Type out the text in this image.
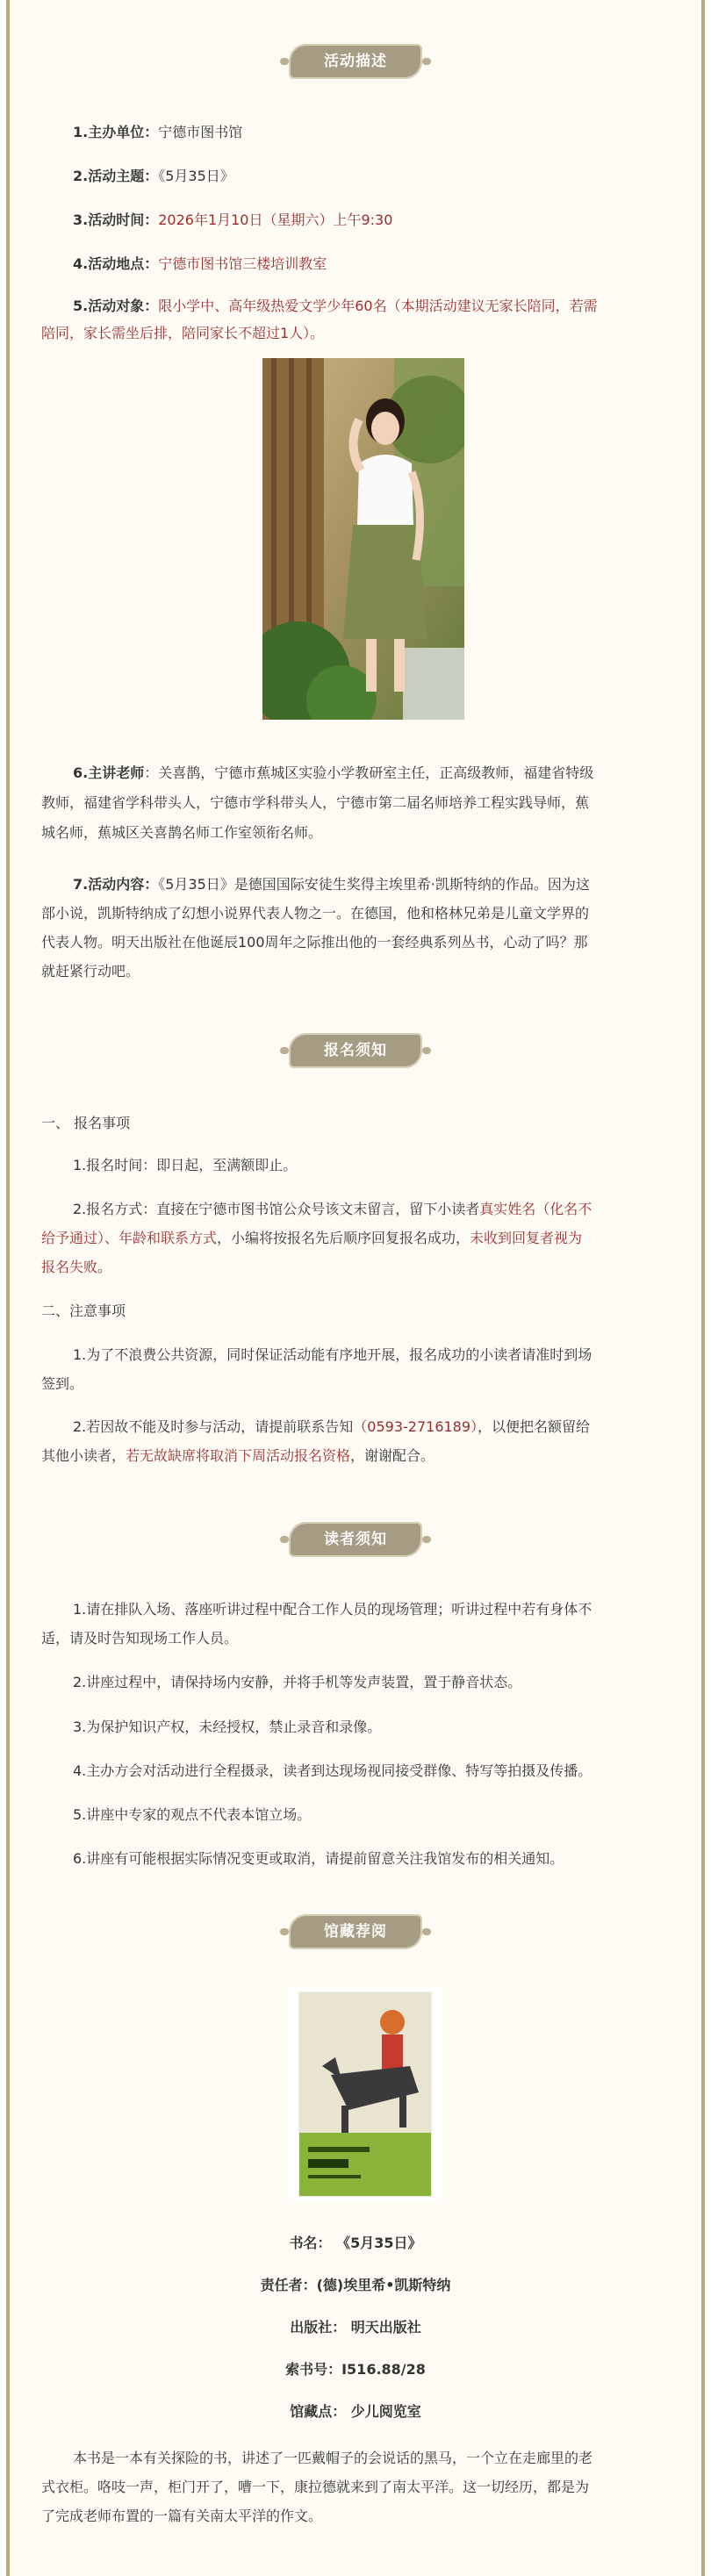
活动描述
1.主办单位：宁德市图书馆
2.活动主题：《5月35日》
3.活动时间：2026年1月10日（星期六）上午9:30
4.活动地点：宁德市图书馆三楼培训教室
5.活动对象：限小学中、高年级热爱文学少年60名（本期活动建议无家长陪同，若需
陪同，家长需坐后排，陪同家长不超过1人）。
6.主讲老师：关喜鹊，宁德市蕉城区实验小学教研室主任，正高级教师，福建省特级
教师，福建省学科带头人，宁德市学科带头人，宁德市第二届名师培养工程实践导师，蕉
城名师，蕉城区关喜鹊名师工作室领衔名师。
7.活动内容：《5月35日》是德国国际安徒生奖得主埃里希·凯斯特纳的作品。因为这
部小说，凯斯特纳成了幻想小说界代表人物之一。在德国，他和格林兄弟是儿童文学界的
代表人物。明天出版社在他诞辰100周年之际推出他的一套经典系列丛书，心动了吗？那
就赶紧行动吧。
报名须知
一、 报名事项
1.报名时间：即日起，至满额即止。
2.报名方式：直接在宁德市图书馆公众号该文末留言，留下小读者真实姓名（化名不
给予通过）、年龄和联系方式，小编将按报名先后顺序回复报名成功，未收到回复者视为
报名失败。
二、注意事项
1.为了不浪费公共资源，同时保证活动能有序地开展，报名成功的小读者请准时到场
签到。
2.若因故不能及时参与活动，请提前联系告知（0593-2716189），以便把名额留给
其他小读者，若无故缺席将取消下周活动报名资格，谢谢配合。
读者须知
1.请在排队入场、落座听讲过程中配合工作人员的现场管理；听讲过程中若有身体不
适，请及时告知现场工作人员。
2.讲座过程中，请保持场内安静，并将手机等发声装置，置于静音状态。
3.为保护知识产权，未经授权，禁止录音和录像。
4.主办方会对活动进行全程摄录，读者到达现场视同接受群像、特写等拍摄及传播。
5.讲座中专家的观点不代表本馆立场。
6.讲座有可能根据实际情况变更或取消，请提前留意关注我馆发布的相关通知。
馆藏荐阅
书名： 《5月35日》
责任者：(德)埃里希•凯斯特纳
出版社： 明天出版社
索书号：I516.88/28
馆藏点： 少儿阅览室
本书是一本有关探险的书，讲述了一匹戴帽子的会说话的黑马，一个立在走廊里的老
式衣柜。咯吱一声，柜门开了，嘈一下，康拉德就来到了南太平洋。这一切经历，都是为
了完成老师布置的一篇有关南太平洋的作文。
